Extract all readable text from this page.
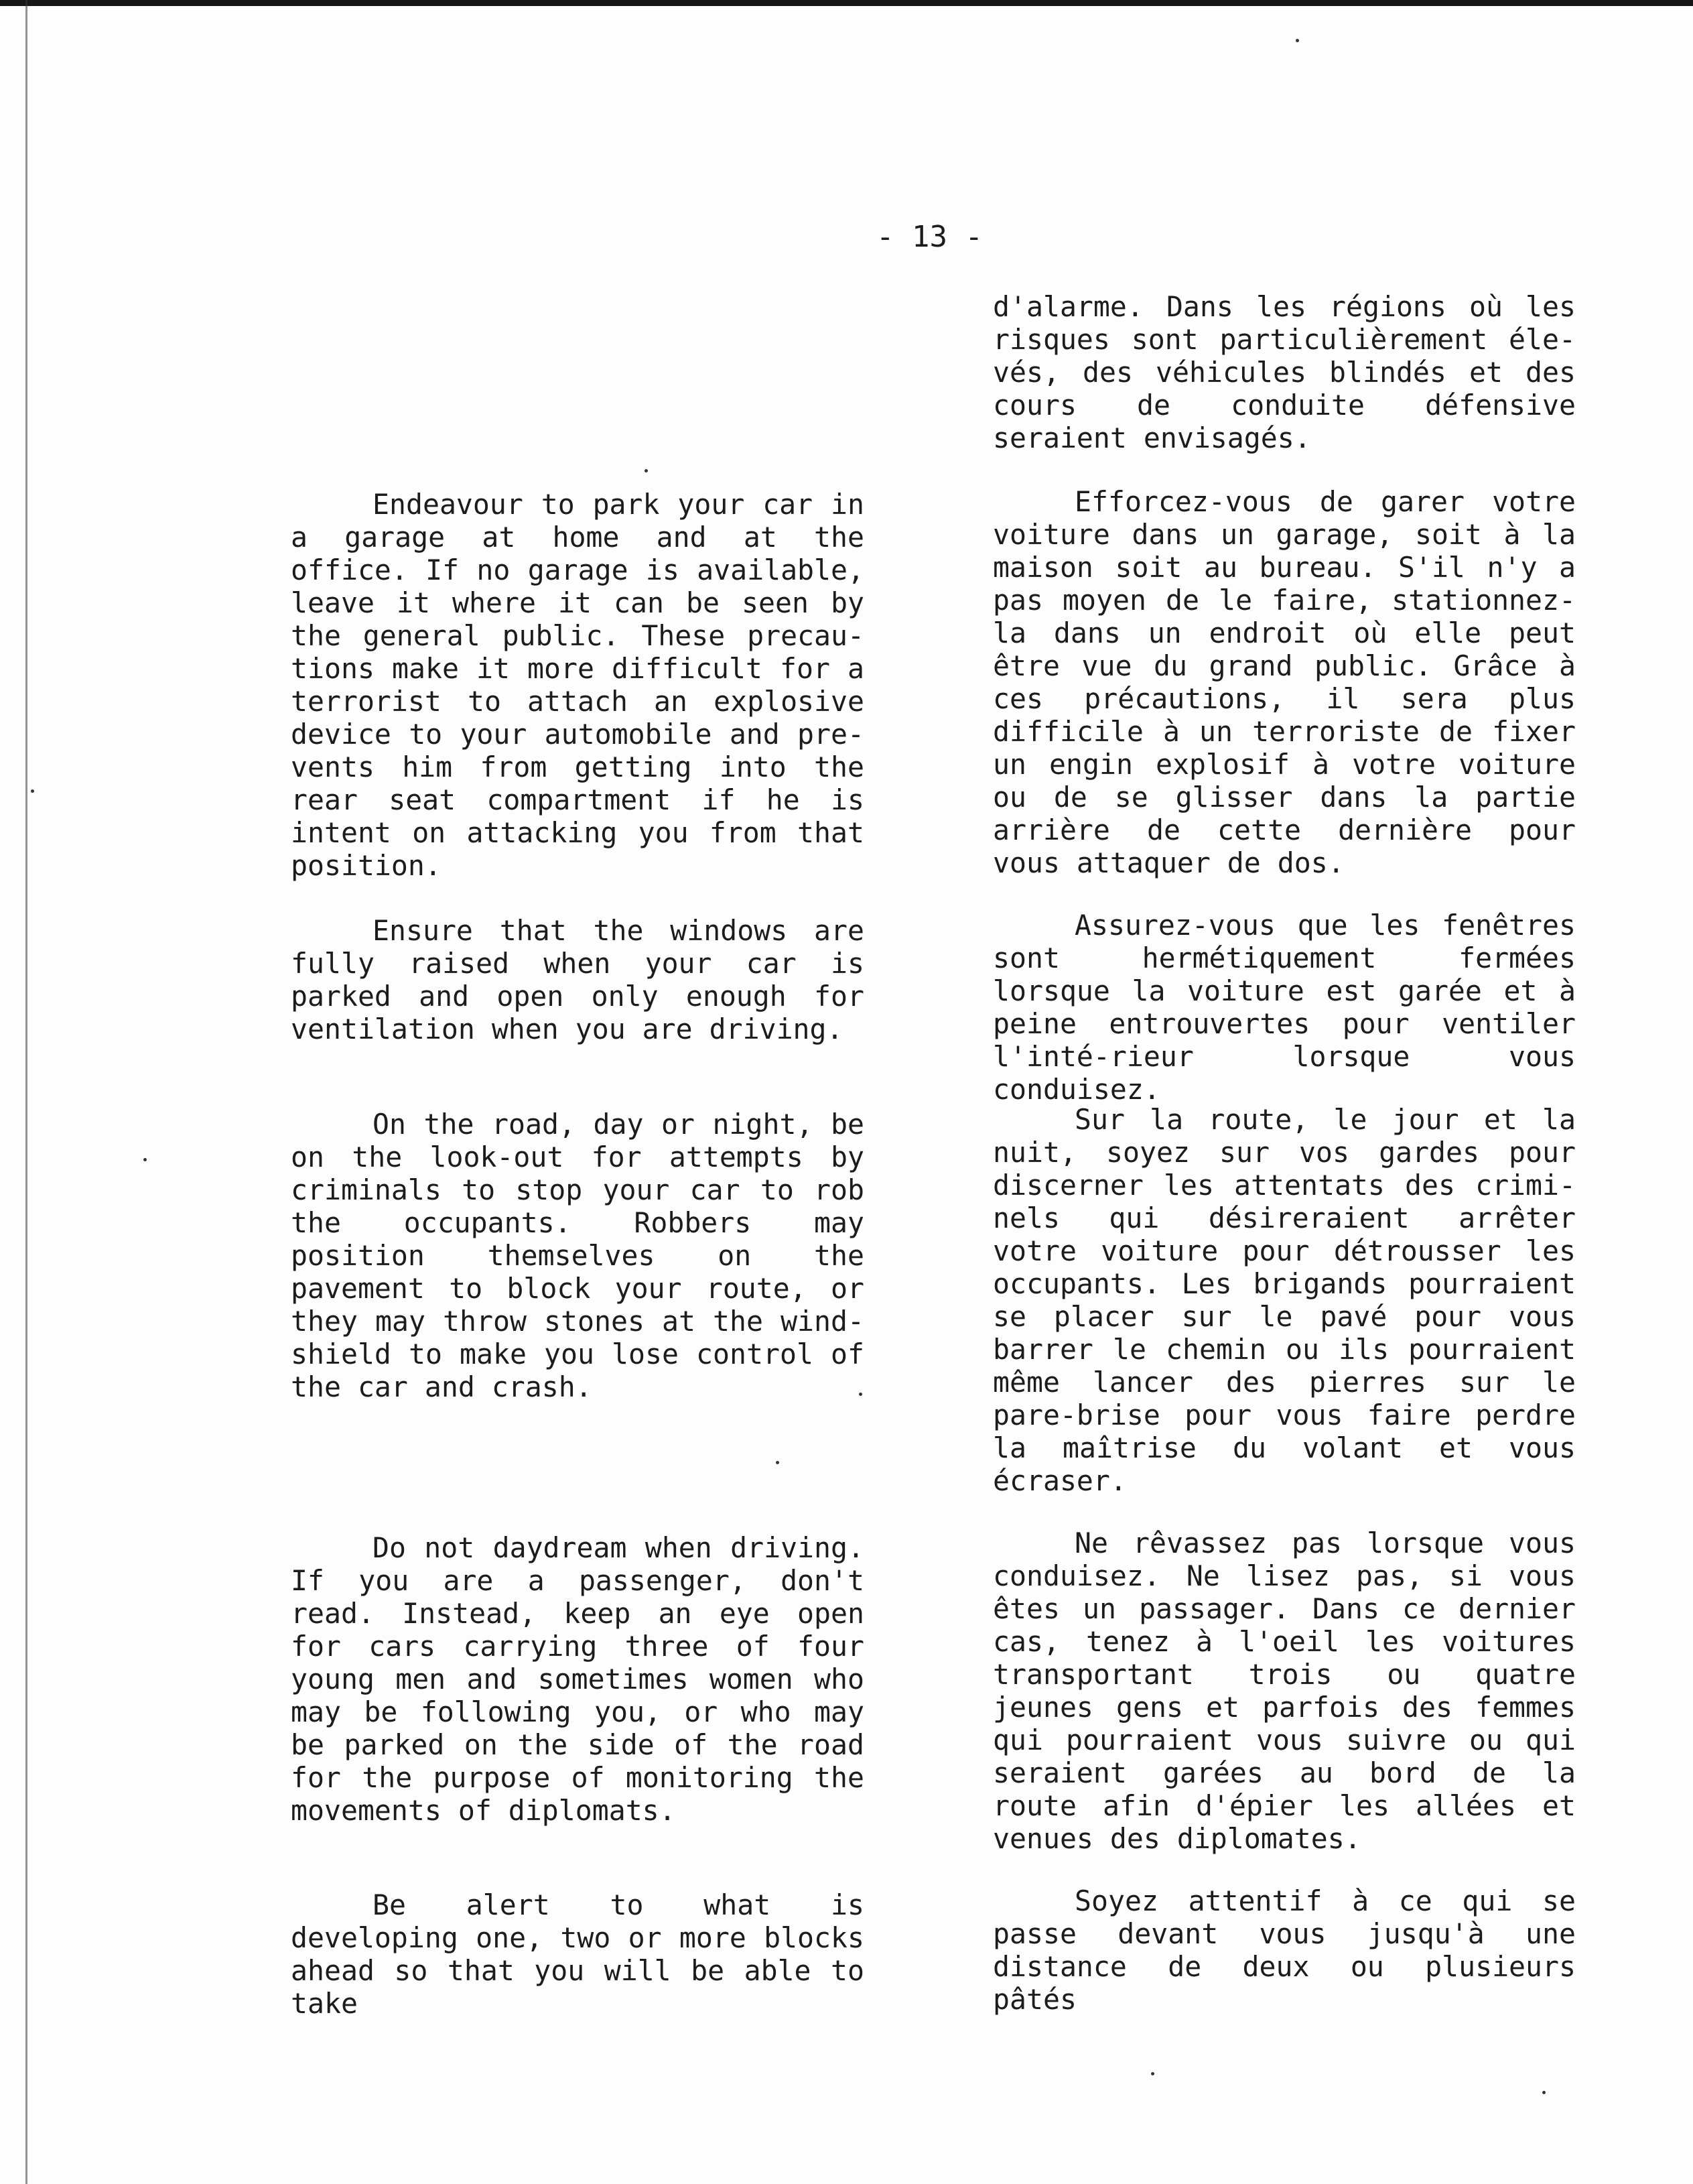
- 13 -

Endeavour to park your car in a garage at home and at the office. If no garage is available, leave it where it can be seen by the general public. These precau-tions make it more difficult for a terrorist to attach an explosive device to your automobile and pre-vents him from getting into the rear seat compartment if he is intent on attacking you from that position.

Ensure that the windows are fully raised when your car is parked and open only enough for ventilation when you are driving.

On the road, day or night, be on the look-out for attempts by criminals to stop your car to rob the occupants. Robbers may position themselves on the pavement to block your route, or they may throw stones at the wind-shield to make you lose control of the car and crash.

Do not daydream when driving. If you are a passenger, don't read. Instead, keep an eye open for cars carrying three of four young men and sometimes women who may be following you, or who may be parked on the side of the road for the purpose of monitoring the movements of diplomats.

Be alert to what is developing one, two or more blocks ahead so that you will be able to take

d'alarme. Dans les régions où les risques sont particulièrement éle-vés, des véhicules blindés et des cours de conduite défensive seraient envisagés.

Efforcez-vous de garer votre voiture dans un garage, soit à la maison soit au bureau. S'il n'y a pas moyen de le faire, stationnez-la dans un endroit où elle peut être vue du grand public. Grâce à ces précautions, il sera plus difficile à un terroriste de fixer un engin explosif à votre voiture ou de se glisser dans la partie arrière de cette dernière pour vous attaquer de dos.

Assurez-vous que les fenêtres sont hermétiquement fermées lorsque la voiture est garée et à peine entrouvertes pour ventiler l'inté-rieur lorsque vous conduisez.

Sur la route, le jour et la nuit, soyez sur vos gardes pour discerner les attentats des crimi-nels qui désireraient arrêter votre voiture pour détrousser les occupants. Les brigands pourraient se placer sur le pavé pour vous barrer le chemin ou ils pourraient même lancer des pierres sur le pare-brise pour vous faire perdre la maîtrise du volant et vous écraser.

Ne rêvassez pas lorsque vous conduisez. Ne lisez pas, si vous êtes un passager. Dans ce dernier cas, tenez à l'oeil les voitures transportant trois ou quatre jeunes gens et parfois des femmes qui pourraient vous suivre ou qui seraient garées au bord de la route afin d'épier les allées et venues des diplomates.

Soyez attentif à ce qui se passe devant vous jusqu'à une distance de deux ou plusieurs pâtés
